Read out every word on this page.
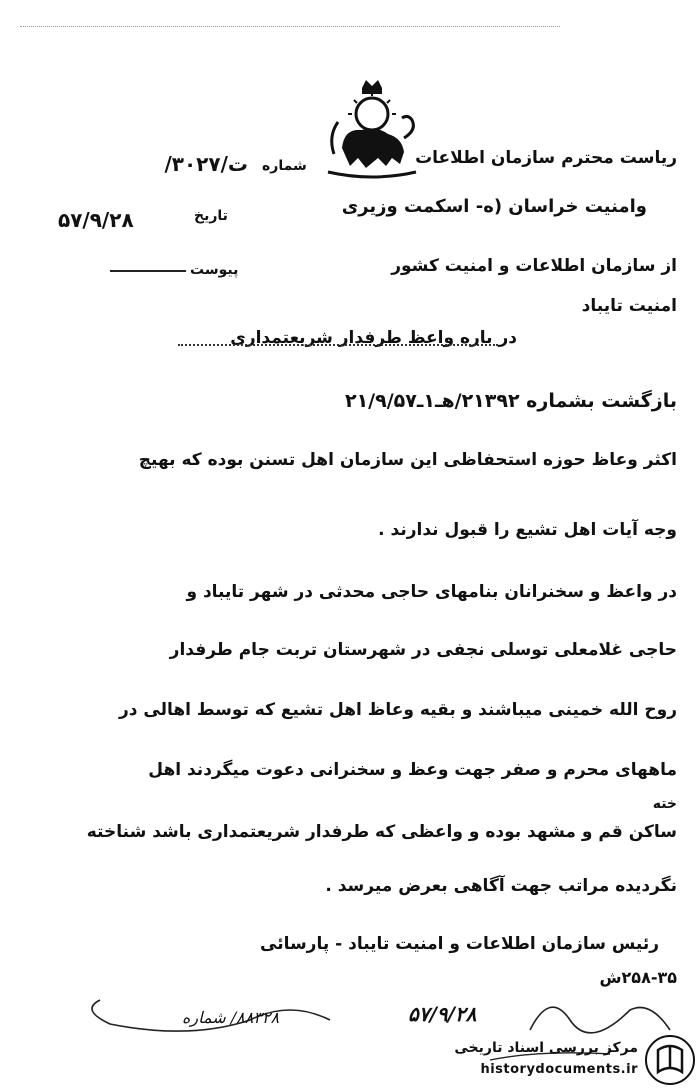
شماره
ت/۳۰۲۷/
تاریخ
۵۷/۹/۲۸
پیوست
ریاست محترم سازمان اطلاعات
وامنیت خراسان (ه- اسکمت وزیری
از سازمان اطلاعات و امنیت کشور
امنیت تایباد
در باره واعظ طرفدار شریعتمداری
بازگشت بشماره ۲۱۳۹۲/هـ۱ـ۲۱/۹/۵۷
اکثر وعاظ حوزه استحفاظی این سازمان اهل تسنن بوده که بهیچ
وجه آیات اهل تشیع را قبول ندارند .
در واعظ و سخنرانان بنامهای حاجی محدثی در شهر تایباد و
حاجی غلامعلی توسلی نجفی در شهرستان تربت جام طرفدار
روح الله خمینی میباشند و بقیه وعاظ اهل تشیع که توسط اهالی در
ماههای محرم و صفر جهت وعظ و سخنرانی دعوت میگردند اهل
خته
ساکن قم و مشهد بوده و واعظی که طرفدار شریعتمداری باشد شناخته
نگردیده مراتب جهت آگاهی بعرض میرسد .
رئیس سازمان اطلاعات و امنیت تایباد - پارسائی
۲۵۸-۳۵ش
۸۸۳۲۸/ شماره	۵۷/۹/۲۸
مرکز بررسی اسناد تاریخی
historydocuments.ir
